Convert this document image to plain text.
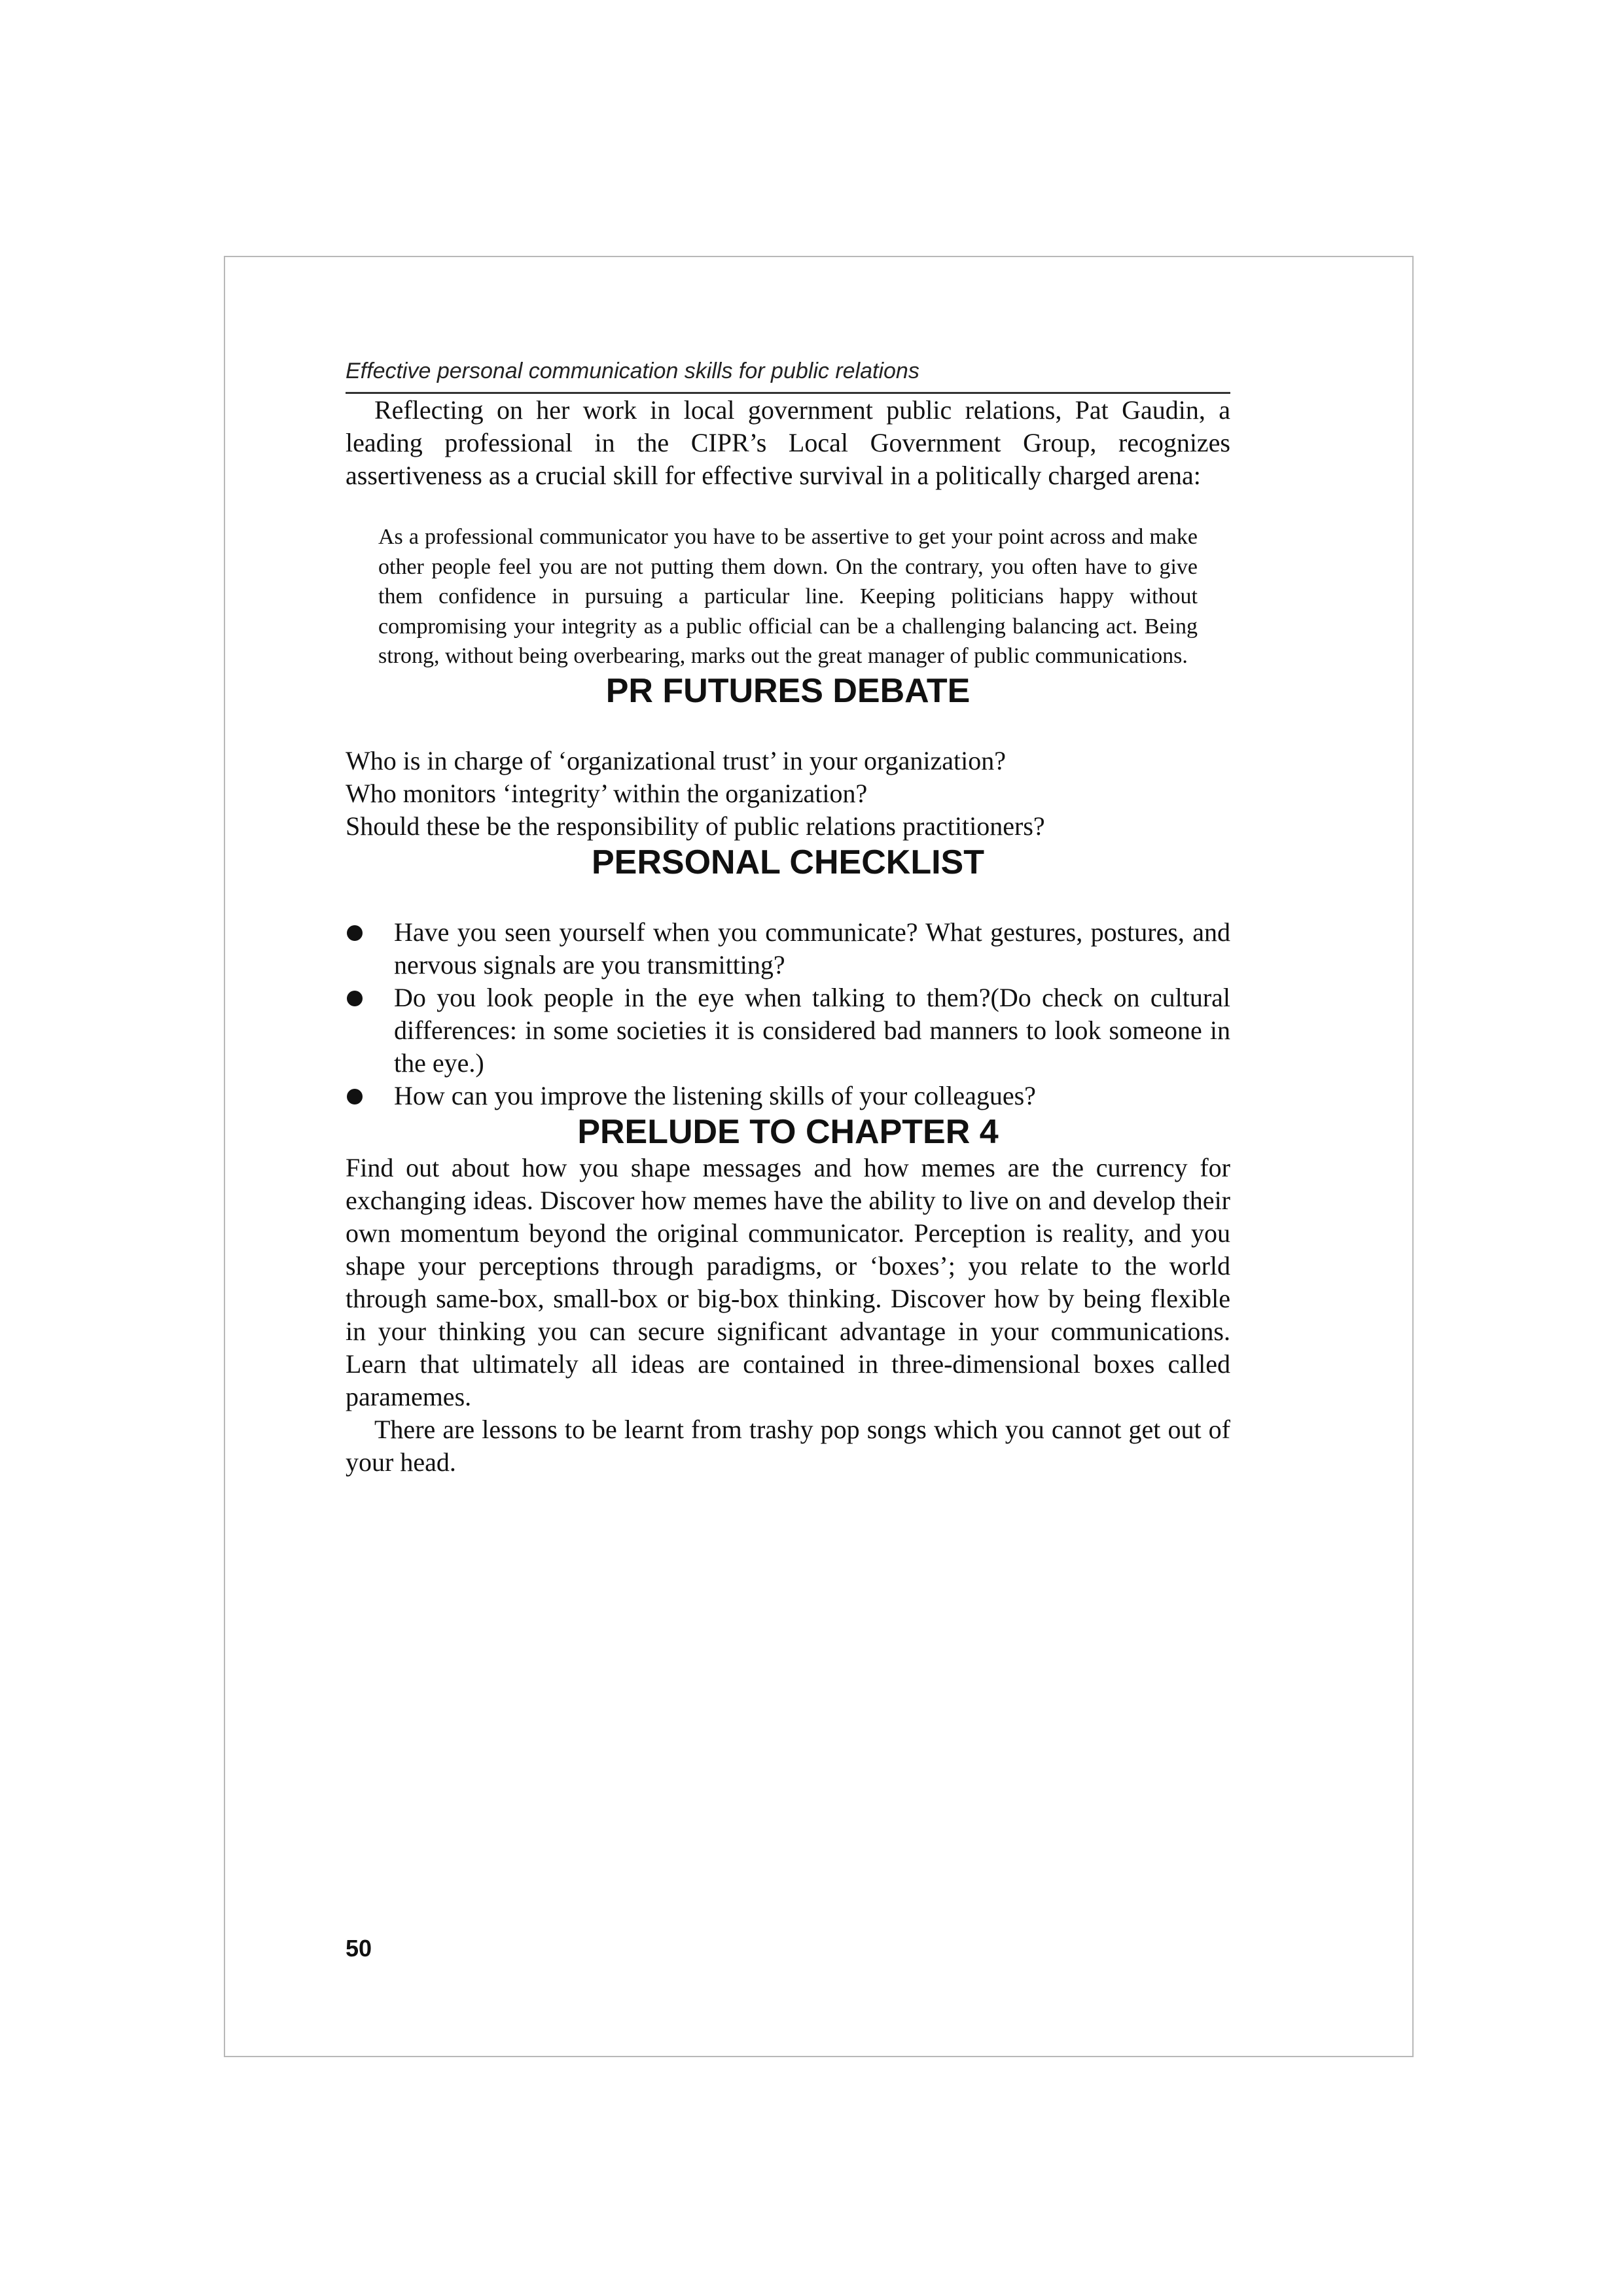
Effective personal communication skills for public relations

Reflecting on her work in local government public relations, Pat Gaudin, a leading professional in the CIPR’s Local Government Group, recognizes assertiveness as a crucial skill for effective survival in a politically charged arena:

As a professional communicator you have to be assertive to get your point across and make other people feel you are not putting them down. On the contrary, you often have to give them confidence in pursuing a particular line. Keeping politicians happy without compromising your integrity as a public official can be a challenging balancing act. Being strong, without being overbearing, marks out the great manager of public communications.

PR FUTURES DEBATE

Who is in charge of ‘organizational trust’ in your organization?

Who monitors ‘integrity’ within the organization?

Should these be the responsibility of public relations practitioners?

PERSONAL CHECKLIST
Have you seen yourself when you communicate? What gestures, postures, and nervous signals are you transmitting?
Do you look people in the eye when talking to them?(Do check on cultural differences: in some societies it is considered bad manners to look someone in the eye.)
How can you improve the listening skills of your colleagues?
PRELUDE TO CHAPTER 4

Find out about how you shape messages and how memes are the currency for exchanging ideas. Discover how memes have the ability to live on and develop their own momentum beyond the original communicator. Perception is reality, and you shape your perceptions through paradigms, or ‘boxes’; you relate to the world through same-box, small-box or big-box thinking. Discover how by being flexible in your thinking you can secure significant advantage in your communications. Learn that ultimately all ideas are contained in three-dimensional boxes called paramemes.

There are lessons to be learnt from trashy pop songs which you cannot get out of your head.

50
